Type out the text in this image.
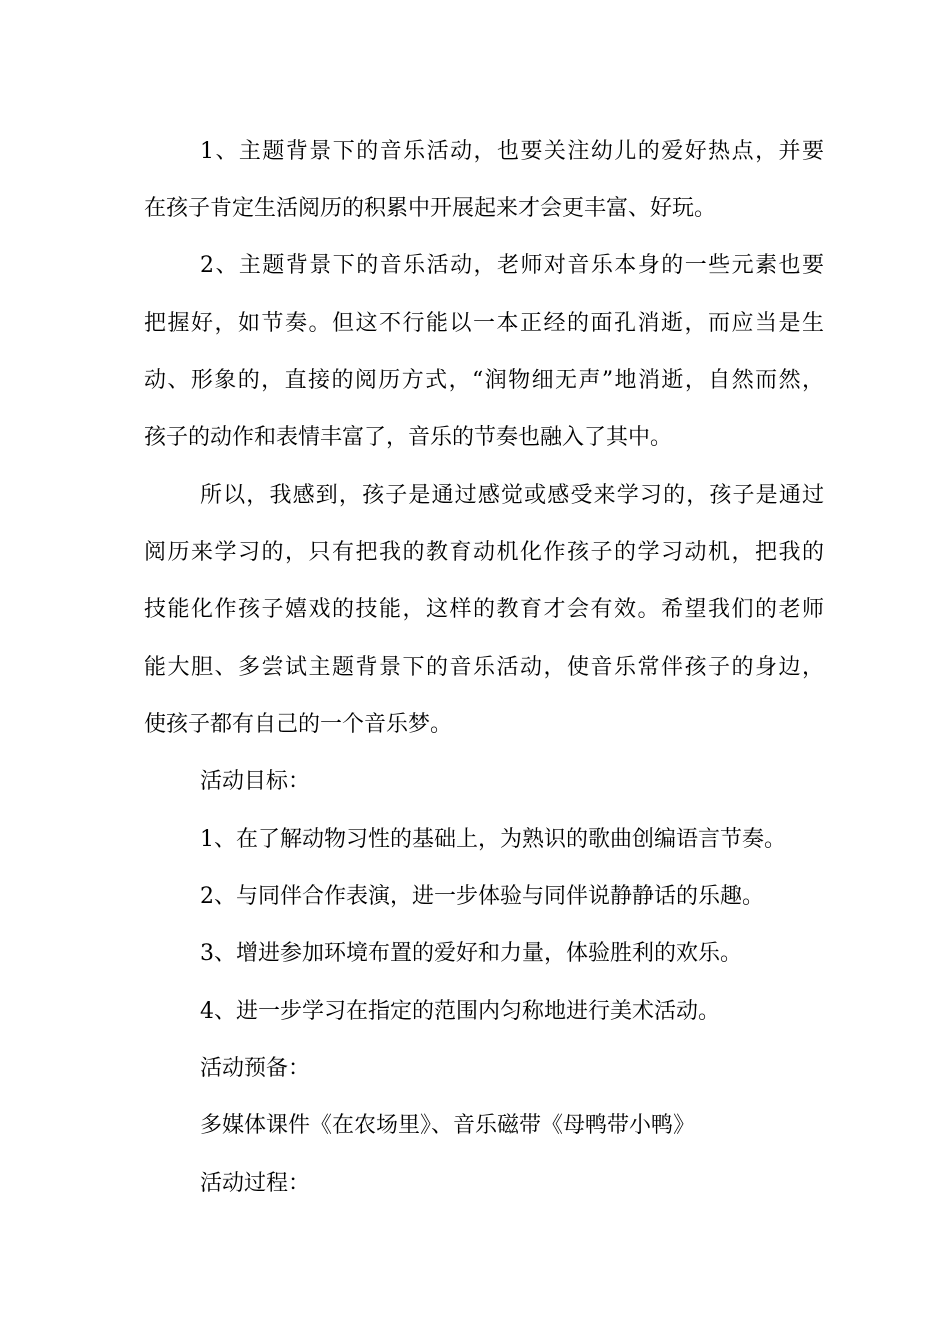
1、主题背景下的音乐活动，也要关注幼儿的爱好热点，并要
在孩子肯定生活阅历的积累中开展起来才会更丰富、好玩。
2、主题背景下的音乐活动，老师对音乐本身的一些元素也要
把握好，如节奏。但这不行能以一本正经的面孔消逝，而应当是生
动、形象的，直接的阅历方式，“润物细无声”地消逝，自然而然，
孩子的动作和表情丰富了，音乐的节奏也融入了其中。
所以，我感到，孩子是通过感觉或感受来学习的，孩子是通过
阅历来学习的，只有把我的教育动机化作孩子的学习动机，把我的
技能化作孩子嬉戏的技能，这样的教育才会有效。希望我们的老师
能大胆、多尝试主题背景下的音乐活动，使音乐常伴孩子的身边，
使孩子都有自己的一个音乐梦。
活动目标：
1、在了解动物习性的基础上，为熟识的歌曲创编语言节奏。
2、与同伴合作表演，进一步体验与同伴说静静话的乐趣。
3、增进参加环境布置的爱好和力量，体验胜利的欢乐。
4、进一步学习在指定的范围内匀称地进行美术活动。
活动预备：
多媒体课件《在农场里》、音乐磁带《母鸭带小鸭》
活动过程：
